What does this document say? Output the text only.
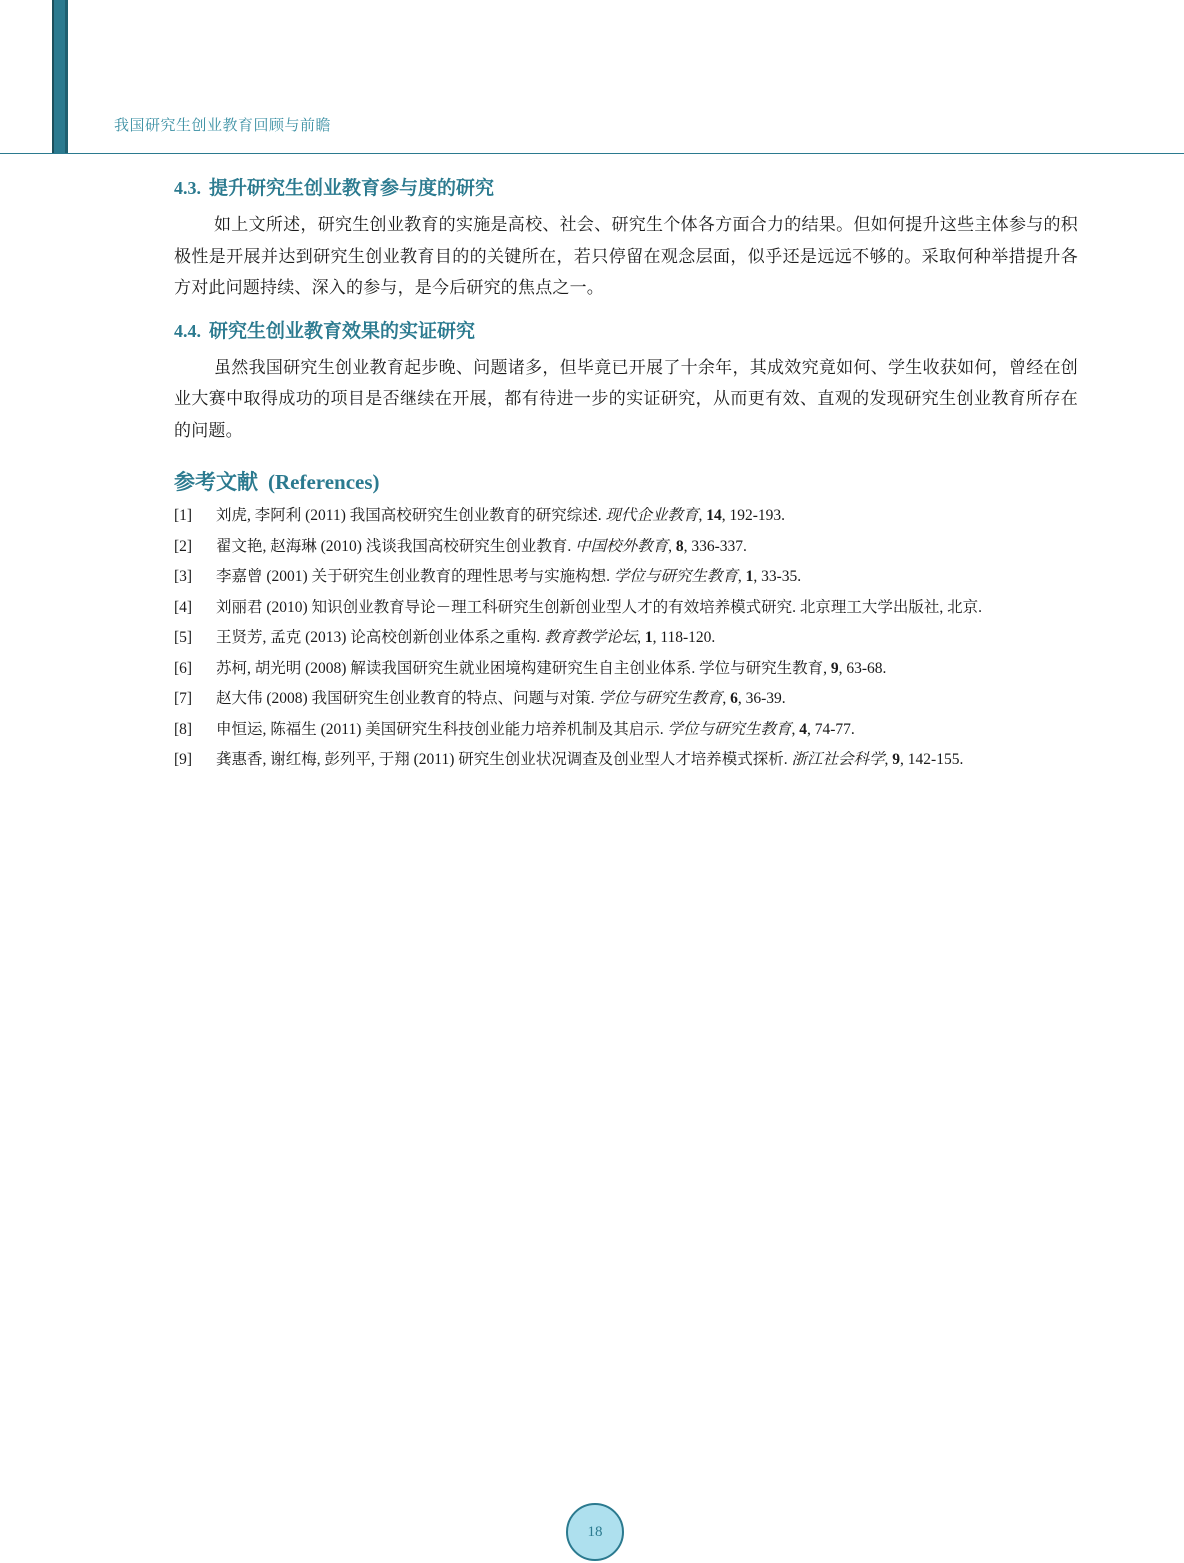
我国研究生创业教育回顾与前瞻
4.3. 提升研究生创业教育参与度的研究

如上文所述，研究生创业教育的实施是高校、社会、研究生个体各方面合力的结果。但如何提升这些主体参与的积极性是开展并达到研究生创业教育目的的关键所在，若只停留在观念层面，似乎还是远远不够的。采取何种举措提升各方对此问题持续、深入的参与，是今后研究的焦点之一。

4.4. 研究生创业教育效果的实证研究

虽然我国研究生创业教育起步晚、问题诸多，但毕竟已开展了十余年，其成效究竟如何、学生收获如何，曾经在创业大赛中取得成功的项目是否继续在开展，都有待进一步的实证研究，从而更有效、直观的发现研究生创业教育所存在的问题。

参考文献 (References)
[1]	刘虎, 李阿利 (2011) 我国高校研究生创业教育的研究综述. 现代企业教育, 14, 192-193.
[2]	翟文艳, 赵海琳 (2010) 浅谈我国高校研究生创业教育. 中国校外教育, 8, 336-337.
[3]	李嘉曾 (2001) 关于研究生创业教育的理性思考与实施构想. 学位与研究生教育, 1, 33-35.
[4]	刘丽君 (2010) 知识创业教育导论－理工科研究生创新创业型人才的有效培养模式研究. 北京理工大学出版社, 北京.
[5]	王贤芳, 孟克 (2013) 论高校创新创业体系之重构. 教育教学论坛, 1, 118-120.
[6]	苏柯, 胡光明 (2008) 解读我国研究生就业困境构建研究生自主创业体系. 学位与研究生教育, 9, 63-68.
[7]	赵大伟 (2008) 我国研究生创业教育的特点、问题与对策. 学位与研究生教育, 6, 36-39.
[8]	申恒运, 陈福生 (2011) 美国研究生科技创业能力培养机制及其启示. 学位与研究生教育, 4, 74-77.
[9]	龚惠香, 谢红梅, 彭列平, 于翔 (2011) 研究生创业状况调查及创业型人才培养模式探析. 浙江社会科学, 9, 142-155.
18
